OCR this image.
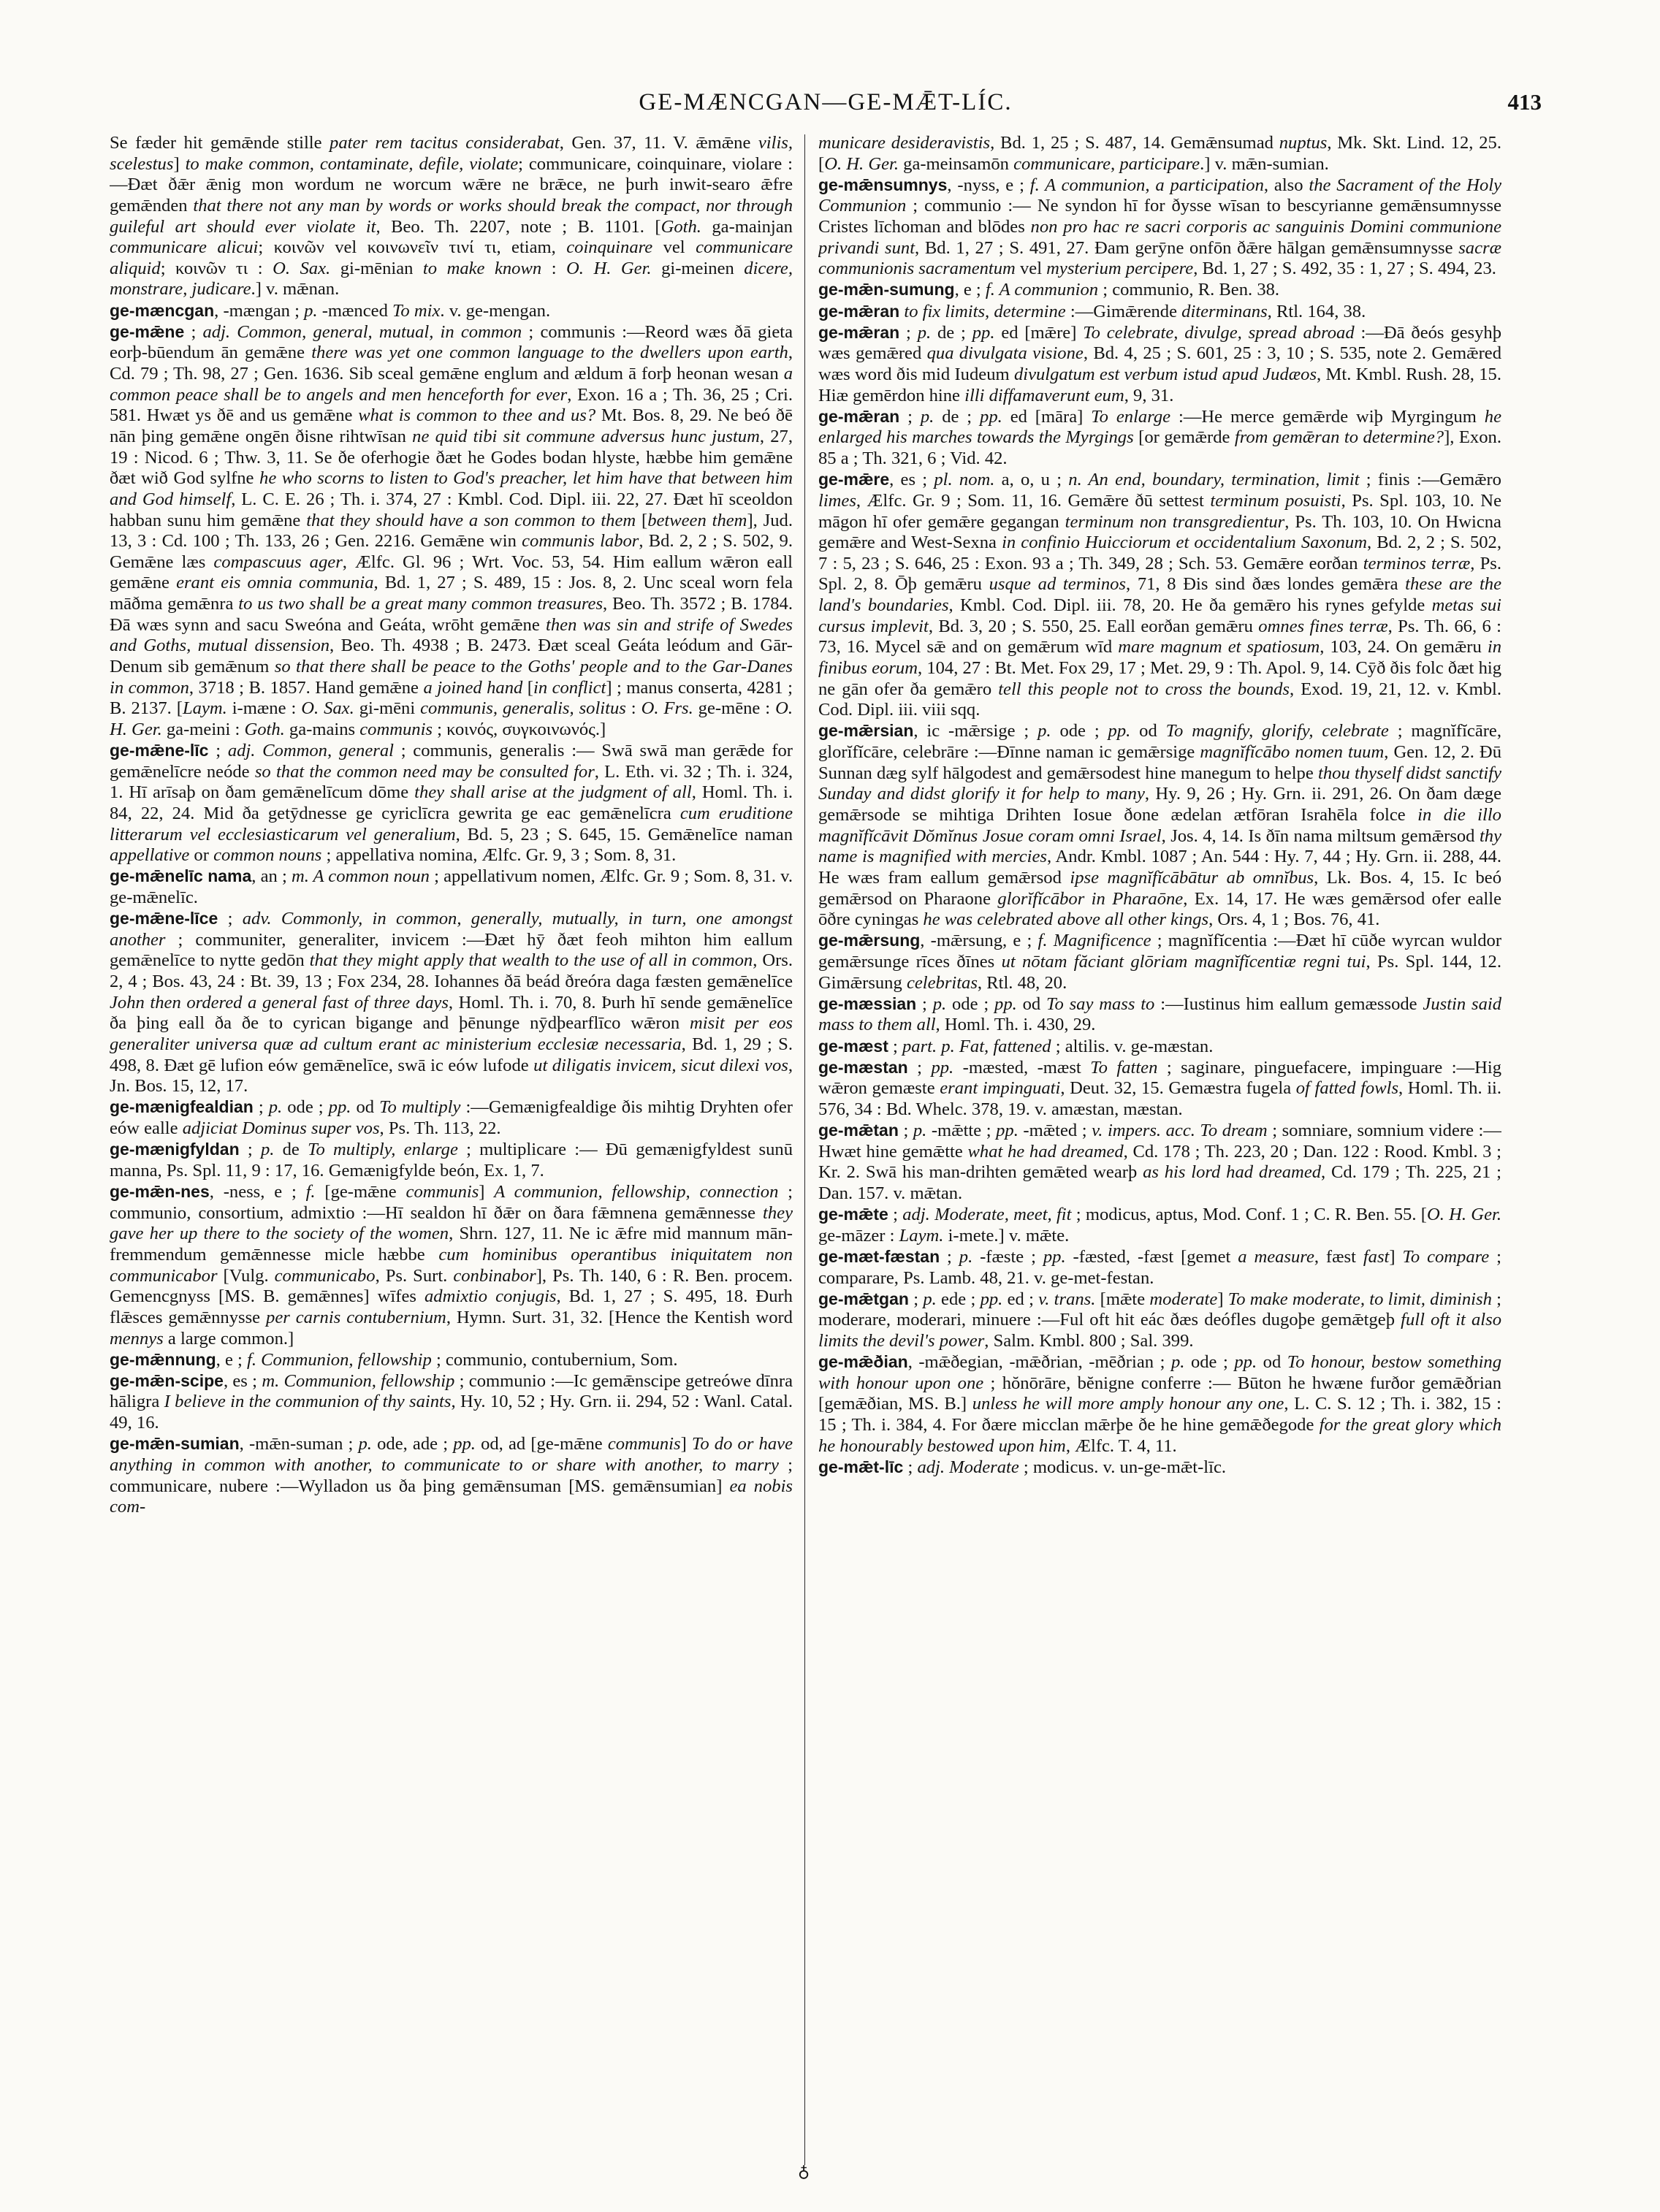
GE-MÆNCGAN—GE-MǢT-LÍC.	413

Se fæder hit gemǣnde stille pater rem tacitus considerabat, Gen. 37, 11. V. ǣmǣne vilis, scelestus] to make common, contaminate, defile, violate; communicare, coinquinare, violare :—Ðæt ðǣr ǣnig mon wordum ne worcum wǣre ne brǣce, ne þurh inwit-searo ǣfre gemǣnden that there not any man by words or works should break the compact, nor through guileful art should ever violate it, Beo. Th. 2207, note ; B. 1101. [Goth. ga-mainjan communicare alicui; κοινῶν vel κοινωνεῖν τινί τι, etiam, coinquinare vel communicare aliquid; κοινῶν τι : O. Sax. gi-mēnian to make known : O. H. Ger. gi-meinen dicere, monstrare, judicare.] v. mǣnan.

ge-mæncgan, -mængan ; p. -mænced To mix. v. ge-mengan.

ge-mǣne ; adj. Common, general, mutual, in common ; communis :—Reord wæs ðā gieta eorþ-būendum ān gemǣne there was yet one common language to the dwellers upon earth, Cd. 79 ; Th. 98, 27 ; Gen. 1636. Sib sceal gemǣne englum and ældum ā forþ heonan wesan a common peace shall be to angels and men henceforth for ever, Exon. 16 a ; Th. 36, 25 ; Cri. 581. Hwæt ys ðē and us gemǣne what is common to thee and us? Mt. Bos. 8, 29. Ne beó ðē nān þing gemǣne ongēn ðisne rihtwīsan ne quid tibi sit commune adversus hunc justum, 27, 19 : Nicod. 6 ; Thw. 3, 11. Se ðe oferhogie ðæt he Godes bodan hlyste, hæbbe him gemǣne ðæt wið God sylfne he who scorns to listen to God's preacher, let him have that between him and God himself, L. C. E. 26 ; Th. i. 374, 27 : Kmbl. Cod. Dipl. iii. 22, 27. Ðæt hī sceoldon habban sunu him gemǣne that they should have a son common to them [between them], Jud. 13, 3 : Cd. 100 ; Th. 133, 26 ; Gen. 2216. Gemǣne win communis labor, Bd. 2, 2 ; S. 502, 9. Gemǣne læs compascuus ager, Ælfc. Gl. 96 ; Wrt. Voc. 53, 54. Him eallum wǣron eall gemǣne erant eis omnia communia, Bd. 1, 27 ; S. 489, 15 : Jos. 8, 2. Unc sceal worn fela māðma gemǣnra to us two shall be a great many common treasures, Beo. Th. 3572 ; B. 1784. Ðā wæs synn and sacu Sweóna and Geáta, wrōht gemǣne then was sin and strife of Swedes and Goths, mutual dissension, Beo. Th. 4938 ; B. 2473. Ðæt sceal Geáta leódum and Gār-Denum sib gemǣnum so that there shall be peace to the Goths' people and to the Gar-Danes in common, 3718 ; B. 1857. Hand gemǣne a joined hand [in conflict] ; manus conserta, 4281 ; B. 2137. [Laym. i-mæne : O. Sax. gi-mēni communis, generalis, solitus : O. Frs. ge-mēne : O. H. Ger. ga-meini : Goth. ga-mains communis ; κοινός, συγκοινωνός.]

ge-mǣne-līc ; adj. Common, general ; communis, generalis :— Swā swā man gerǣde for gemǣnelīcre neóde so that the common need may be consulted for, L. Eth. vi. 32 ; Th. i. 324, 1. Hī arīsaþ on ðam gemǣnelīcum dōme they shall arise at the judgment of all, Homl. Th. i. 84, 22, 24. Mid ða getȳdnesse ge cyriclīcra gewrita ge eac gemǣnelīcra cum eruditione litterarum vel ecclesiasticarum vel generalium, Bd. 5, 23 ; S. 645, 15. Gemǣnelīce naman appellative or common nouns ; appellativa nomina, Ælfc. Gr. 9, 3 ; Som. 8, 31.

ge-mǣnelīc nama, an ; m. A common noun ; appellativum nomen, Ælfc. Gr. 9 ; Som. 8, 31. v. ge-mǣnelīc.

ge-mǣne-līce ; adv. Commonly, in common, generally, mutually, in turn, one amongst another ; communiter, generaliter, invicem :—Ðæt hȳ ðæt feoh mihton him eallum gemǣnelīce to nytte gedōn that they might apply that wealth to the use of all in common, Ors. 2, 4 ; Bos. 43, 24 : Bt. 39, 13 ; Fox 234, 28. Iohannes ðā beád ðreóra daga fæsten gemǣnelīce John then ordered a general fast of three days, Homl. Th. i. 70, 8. Þurh hī sende gemǣnelīce ða þing eall ða ðe to cyrican bigange and þēnunge nȳdþearflīco wǣron misit per eos generaliter universa quæ ad cultum erant ac ministerium ecclesiæ necessaria, Bd. 1, 29 ; S. 498, 8. Ðæt gē lufion eów gemǣnelīce, swā ic eów lufode ut diligatis invicem, sicut dilexi vos, Jn. Bos. 15, 12, 17.

ge-mænigfealdian ; p. ode ; pp. od To multiply :—Gemænigfealdige ðis mihtig Dryhten ofer eów ealle adjiciat Dominus super vos, Ps. Th. 113, 22.

ge-mænigfyldan ; p. de To multiply, enlarge ; multiplicare :— Ðū gemænigfyldest sunū manna, Ps. Spl. 11, 9 : 17, 16. Gemænigfylde beón, Ex. 1, 7.

ge-mǣn-nes, -ness, e ; f. [ge-mǣne communis] A communion, fellowship, connection ; communio, consortium, admixtio :—Hī sealdon hī ðǣr on ðara fǣmnena gemǣnnesse they gave her up there to the society of the women, Shrn. 127, 11. Ne ic ǣfre mid mannum mān-fremmendum gemǣnnesse micle hæbbe cum hominibus operantibus iniquitatem non communicabor [Vulg. communicabo, Ps. Surt. conbinabor], Ps. Th. 140, 6 : R. Ben. procem. Gemencgnyss [MS. B. gemǣnnes] wīfes admixtio conjugis, Bd. 1, 27 ; S. 495, 18. Ðurh flǣsces gemǣnnysse per carnis contubernium, Hymn. Surt. 31, 32. [Hence the Kentish word mennys a large common.]

ge-mǣnnung, e ; f. Communion, fellowship ; communio, contubernium, Som.

ge-mǣn-scipe, es ; m. Communion, fellowship ; communio :—Ic gemǣnscipe getreówe dīnra hāligra I believe in the communion of thy saints, Hy. 10, 52 ; Hy. Grn. ii. 294, 52 : Wanl. Catal. 49, 16.

ge-mǣn-sumian, -mǣn-suman ; p. ode, ade ; pp. od, ad [ge-mǣne communis] To do or have anything in common with another, to communicate to or share with another, to marry ; communicare, nubere :—Wylladon us ða þing gemǣnsuman [MS. gemǣnsumian] ea nobis com-

♁

municare desideravistis, Bd. 1, 25 ; S. 487, 14. Gemǣnsumad nuptus, Mk. Skt. Lind. 12, 25. [O. H. Ger. ga-meinsamōn communicare, participare.] v. mǣn-sumian.

ge-mǣnsumnys, -nyss, e ; f. A communion, a participation, also the Sacrament of the Holy Communion ; communio :— Ne syndon hī for ðysse wīsan to bescyrianne gemǣnsumnysse Cristes līchoman and blōdes non pro hac re sacri corporis ac sanguinis Domini communione privandi sunt, Bd. 1, 27 ; S. 491, 27. Ðam gerȳne onfōn ðǣre hālgan gemǣnsumnysse sacræ communionis sacramentum vel mysterium percipere, Bd. 1, 27 ; S. 492, 35 : 1, 27 ; S. 494, 23.

ge-mǣn-sumung, e ; f. A communion ; communio, R. Ben. 38.

ge-mǣran to fix limits, determine :—Gimǣrende diterminans, Rtl. 164, 38.

ge-mǣran ; p. de ; pp. ed [mǣre] To celebrate, divulge, spread abroad :—Ðā ðeós gesyhþ wæs gemǣred qua divulgata visione, Bd. 4, 25 ; S. 601, 25 : 3, 10 ; S. 535, note 2. Gemǣred wæs word ðis mid Iudeum divulgatum est verbum istud apud Judæos, Mt. Kmbl. Rush. 28, 15. Hiæ gemērdon hine illi diffamaverunt eum, 9, 31.

ge-mǣran ; p. de ; pp. ed [māra] To enlarge :—He merce gemǣrde wiþ Myrgingum he enlarged his marches towards the Myrgings [or gemǣrde from gemǣran to determine?], Exon. 85 a ; Th. 321, 6 ; Vid. 42.

ge-mǣre, es ; pl. nom. a, o, u ; n. An end, boundary, termination, limit ; finis :—Gemǣro limes, Ælfc. Gr. 9 ; Som. 11, 16. Gemǣre ðū settest terminum posuisti, Ps. Spl. 103, 10. Ne māgon hī ofer gemǣre gegangan terminum non transgredientur, Ps. Th. 103, 10. On Hwicna gemǣre and West-Sexna in confinio Huicciorum et occidentalium Saxonum, Bd. 2, 2 ; S. 502, 7 : 5, 23 ; S. 646, 25 : Exon. 93 a ; Th. 349, 28 ; Sch. 53. Gemǣre eorðan terminos terræ, Ps. Spl. 2, 8. Ōþ gemǣru usque ad terminos, 71, 8 Ðis sind ðæs londes gemǣra these are the land's boundaries, Kmbl. Cod. Dipl. iii. 78, 20. He ða gemǣro his rynes gefylde metas sui cursus implevit, Bd. 3, 20 ; S. 550, 25. Eall eorðan gemǣru omnes fines terræ, Ps. Th. 66, 6 : 73, 16. Mycel sǣ and on gemǣrum wīd mare magnum et spatiosum, 103, 24. On gemǣru in finibus eorum, 104, 27 : Bt. Met. Fox 29, 17 ; Met. 29, 9 : Th. Apol. 9, 14. Cȳð ðis folc ðæt hig ne gān ofer ða gemǣro tell this people not to cross the bounds, Exod. 19, 21, 12. v. Kmbl. Cod. Dipl. iii. viii sqq.

ge-mǣrsian, ic -mǣrsige ; p. ode ; pp. od To magnify, glorify, celebrate ; magnĭfĭcāre, glorĭfĭcāre, celebrāre :—Ðīnne naman ic gemǣrsige magnĭfĭcābo nomen tuum, Gen. 12, 2. Ðū Sunnan dæg sylf hālgodest and gemǣrsodest hine manegum to helpe thou thyself didst sanctify Sunday and didst glorify it for help to many, Hy. 9, 26 ; Hy. Grn. ii. 291, 26. On ðam dæge gemǣrsode se mihtiga Drihten Iosue ðone ædelan ætfōran Israhēla folce in die illo magnĭfĭcāvit Dŏmĭnus Josue coram omni Israel, Jos. 4, 14. Is ðīn nama miltsum gemǣrsod thy name is magnified with mercies, Andr. Kmbl. 1087 ; An. 544 : Hy. 7, 44 ; Hy. Grn. ii. 288, 44. He wæs fram eallum gemǣrsod ipse magnĭfĭcābātur ab omnĭbus, Lk. Bos. 4, 15. Ic beó gemǣrsod on Pharaone glorĭfĭcābor in Pharaōne, Ex. 14, 17. He wæs gemǣrsod ofer ealle ōðre cyningas he was celebrated above all other kings, Ors. 4, 1 ; Bos. 76, 41.

ge-mǣrsung, -mǣrsung, e ; f. Magnificence ; magnĭfĭcentia :—Ðæt hī cūðe wyrcan wuldor gemǣrsunge rīces ðīnes ut nōtam făciant glōriam magnĭfĭcentiæ regni tui, Ps. Spl. 144, 12. Gimǣrsung celebritas, Rtl. 48, 20.

ge-mæssian ; p. ode ; pp. od To say mass to :—Iustinus him eallum gemæssode Justin said mass to them all, Homl. Th. i. 430, 29.

ge-mæst ; part. p. Fat, fattened ; altilis. v. ge-mæstan.

ge-mæstan ; pp. -mæsted, -mæst To fatten ; saginare, pinguefacere, impinguare :—Hig wǣron gemæste erant impinguati, Deut. 32, 15. Gemæstra fugela of fatted fowls, Homl. Th. ii. 576, 34 : Bd. Whelc. 378, 19. v. amæstan, mæstan.

ge-mǣtan ; p. -mǣtte ; pp. -mǣted ; v. impers. acc. To dream ; somniare, somnium videre :—Hwæt hine gemǣtte what he had dreamed, Cd. 178 ; Th. 223, 20 ; Dan. 122 : Rood. Kmbl. 3 ; Kr. 2. Swā his man-drihten gemǣted wearþ as his lord had dreamed, Cd. 179 ; Th. 225, 21 ; Dan. 157. v. mǣtan.

ge-mǣte ; adj. Moderate, meet, fit ; modicus, aptus, Mod. Conf. 1 ; C. R. Ben. 55. [O. H. Ger. ge-māzer : Laym. i-mete.] v. mǣte.

ge-mæt-fæstan ; p. -fæste ; pp. -fæsted, -fæst [gemet a measure, fæst fast] To compare ; comparare, Ps. Lamb. 48, 21. v. ge-met-festan.

ge-mǣtgan ; p. ede ; pp. ed ; v. trans. [mǣte moderate] To make moderate, to limit, diminish ; moderare, moderari, minuere :—Ful oft hit eác ðæs deófles dugoþe gemǣtgeþ full oft it also limits the devil's power, Salm. Kmbl. 800 ; Sal. 399.

ge-mǣðian, -mǣðegian, -mǣðrian, -mēðrian ; p. ode ; pp. od To honour, bestow something with honour upon one ; hŏnōrāre, bĕnigne conferre :— Būton he hwæne furðor gemǣðrian [gemǣðian, MS. B.] unless he will more amply honour any one, L. C. S. 12 ; Th. i. 382, 15 : 15 ; Th. i. 384, 4. For ðære micclan mǣrþe ðe he hine gemǣðegode for the great glory which he honourably bestowed upon him, Ælfc. T. 4, 11.

ge-mǣt-līc ; adj. Moderate ; modicus. v. un-ge-mǣt-līc.
